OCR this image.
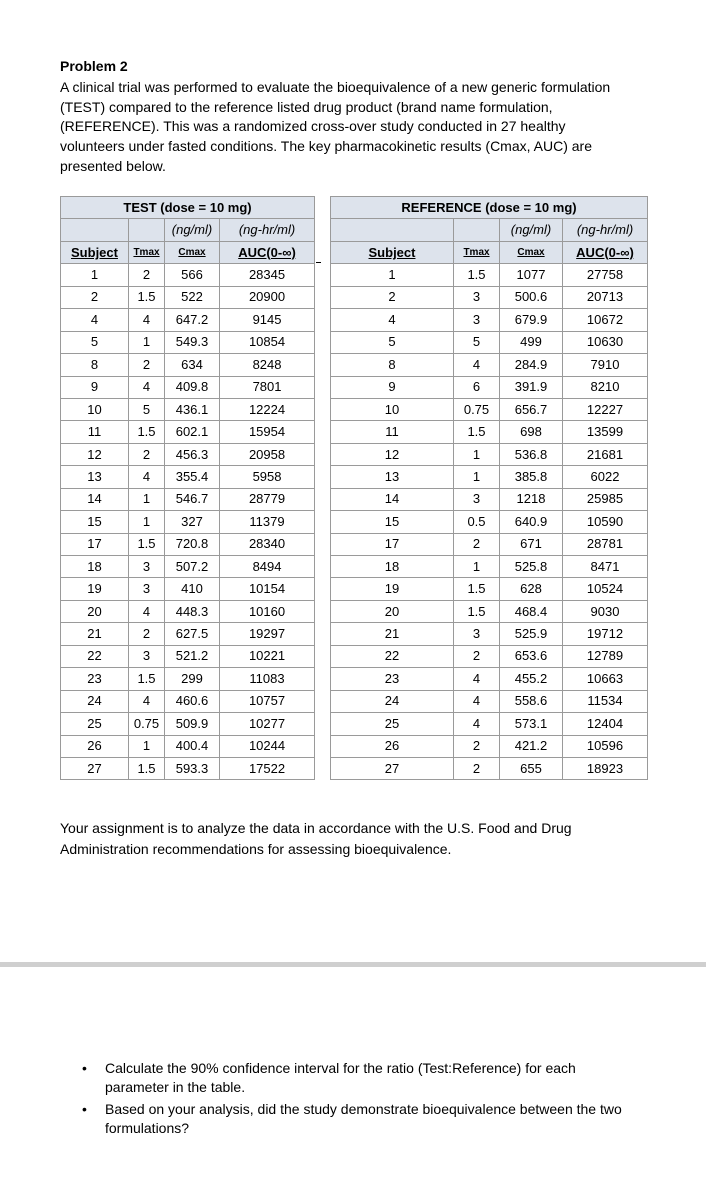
Problem 2
A clinical trial was performed to evaluate the bioequivalence of a new generic formulation (TEST) compared to the reference listed drug product (brand name formulation, (REFERENCE). This was a randomized cross-over study conducted in 27 healthy volunteers under fasted conditions. The key pharmacokinetic results (Cmax, AUC) are presented below.
TEST (dose = 10 mg)			
		(ng/ml)	(ng-hr/ml)
Subject	Tmax	Cmax	AUC(0-∞)
1	2	566	28345
2	1.5	522	20900
4	4	647.2	9145
5	1	549.3	10854
8	2	634	8248
9	4	409.8	7801
10	5	436.1	12224
11	1.5	602.1	15954
12	2	456.3	20958
13	4	355.4	5958
14	1	546.7	28779
15	1	327	11379
17	1.5	720.8	28340
18	3	507.2	8494
19	3	410	10154
20	4	448.3	10160
21	2	627.5	19297
22	3	521.2	10221
23	1.5	299	11083
24	4	460.6	10757
25	0.75	509.9	10277
26	1	400.4	10244
27	1.5	593.3	17522
REFERENCE (dose = 10 mg)			
		(ng/ml)	(ng-hr/ml)
Subject	Tmax	Cmax	AUC(0-∞)
1	1.5	1077	27758
2	3	500.6	20713
4	3	679.9	10672
5	5	499	10630
8	4	284.9	7910
9	6	391.9	8210
10	0.75	656.7	12227
11	1.5	698	13599
12	1	536.8	21681
13	1	385.8	6022
14	3	1218	25985
15	0.5	640.9	10590
17	2	671	28781
18	1	525.8	8471
19	1.5	628	10524
20	1.5	468.4	9030
21	3	525.9	19712
22	2	653.6	12789
23	4	455.2	10663
24	4	558.6	11534
25	4	573.1	12404
26	2	421.2	10596
27	2	655	18923
Your assignment is to analyze the data in accordance with the U.S. Food and Drug Administration recommendations for assessing bioequivalence.
• Calculate the 90% confidence interval for the ratio (Test:Reference) for each parameter in the table.
• Based on your analysis, did the study demonstrate bioequivalence between the two formulations?
